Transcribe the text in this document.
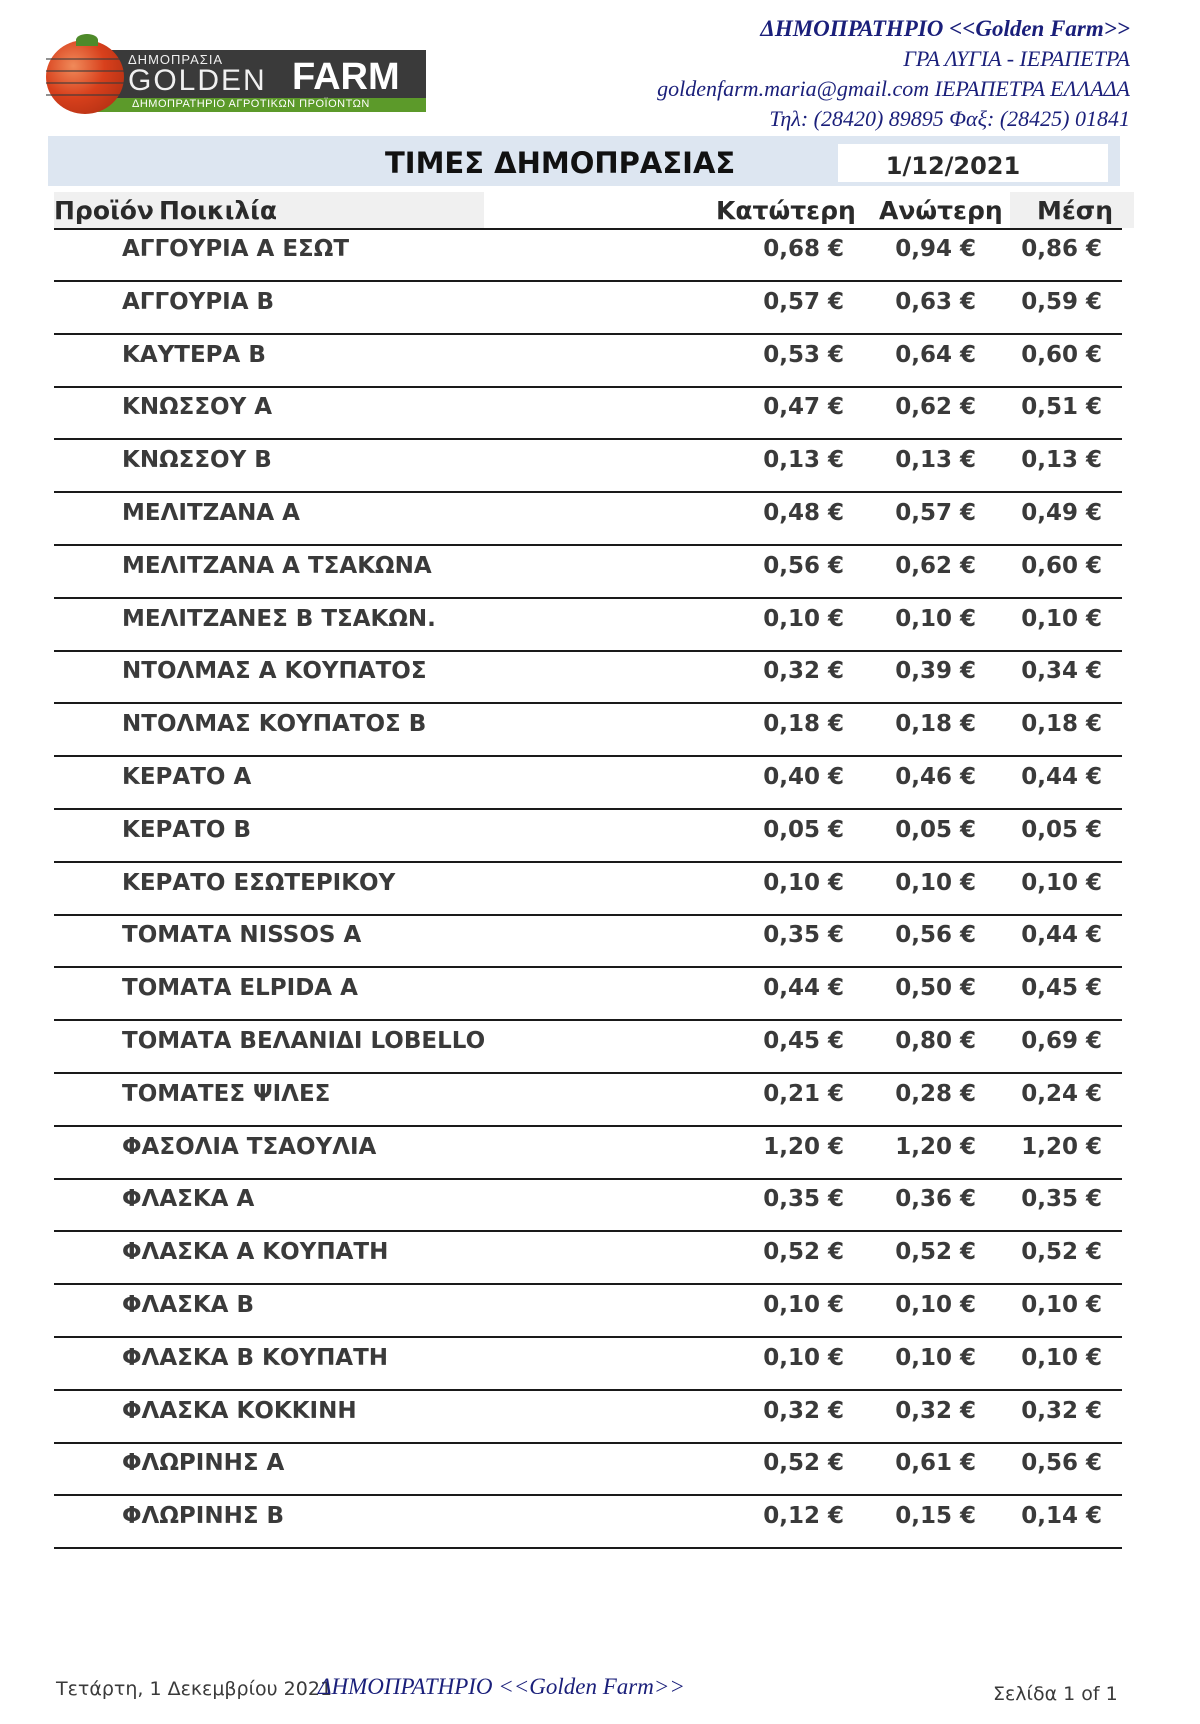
ΔΗΜΟΠΡΑΣΙΑ
GOLDEN FARM
ΔΗΜΟΠΡΑΤΗΡΙΟ ΑΓΡΟΤΙΚΩΝ ΠΡΟΪΟΝΤΩΝ
ΔΗΜΟΠΡΑΤΗΡΙΟ <<Golden Farm>>
ΓΡΑ ΛΥΓΙΑ - ΙΕΡΑΠΕΤΡΑ
goldenfarm.maria@gmail.com ΙΕΡΑΠΕΤΡΑ ΕΛΛΑΔΑ
Τηλ: (28420) 89895 Φαξ: (28425) 01841
ΤΙΜΕΣ ΔΗΜΟΠΡΑΣΙΑΣ	1/12/2021
Προϊόν Ποικιλία	Κατώτερη Ανώτερη Μέση
ΑΓΓΟΥΡΙΑ Α ΕΣΩΤ	0,68 € 0,94 € 0,86 €
ΑΓΓΟΥΡΙΑ Β	0,57 € 0,63 € 0,59 €
ΚΑΥΤΕΡΑ Β	0,53 € 0,64 € 0,60 €
ΚΝΩΣΣΟΥ Α	0,47 € 0,62 € 0,51 €
ΚΝΩΣΣΟΥ Β	0,13 € 0,13 € 0,13 €
ΜΕΛΙΤΖΑΝΑ Α	0,48 € 0,57 € 0,49 €
ΜΕΛΙΤΖΑΝΑ Α ΤΣΑΚΩΝΑ	0,56 € 0,62 € 0,60 €
ΜΕΛΙΤΖΑΝΕΣ Β ΤΣΑΚΩΝ.	0,10 € 0,10 € 0,10 €
ΝΤΟΛΜΑΣ Α ΚΟΥΠΑΤΟΣ	0,32 € 0,39 € 0,34 €
ΝΤΟΛΜΑΣ ΚΟΥΠΑΤΟΣ Β	0,18 € 0,18 € 0,18 €
ΚΕΡΑΤΟ Α	0,40 € 0,46 € 0,44 €
ΚΕΡΑΤΟ Β	0,05 € 0,05 € 0,05 €
ΚΕΡΑΤΟ ΕΣΩΤΕΡΙΚΟΥ	0,10 € 0,10 € 0,10 €
ΤΟΜΑΤΑ NISSOS Α	0,35 € 0,56 € 0,44 €
ΤΟΜΑΤΑ ELPIDA Α	0,44 € 0,50 € 0,45 €
ΤΟΜΑΤΑ ΒΕΛΑΝΙΔΙ LOBELLO	0,45 € 0,80 € 0,69 €
ΤΟΜΑΤΕΣ ΨΙΛΕΣ	0,21 € 0,28 € 0,24 €
ΦΑΣΟΛΙΑ ΤΣΑΟΥΛΙΑ	1,20 € 1,20 € 1,20 €
ΦΛΑΣΚΑ Α	0,35 € 0,36 € 0,35 €
ΦΛΑΣΚΑ Α ΚΟΥΠΑΤΗ	0,52 € 0,52 € 0,52 €
ΦΛΑΣΚΑ Β	0,10 € 0,10 € 0,10 €
ΦΛΑΣΚΑ Β ΚΟΥΠΑΤΗ	0,10 € 0,10 € 0,10 €
ΦΛΑΣΚΑ ΚΟΚΚΙΝΗ	0,32 € 0,32 € 0,32 €
ΦΛΩΡΙΝΗΣ Α	0,52 € 0,61 € 0,56 €
ΦΛΩΡΙΝΗΣ Β	0,12 € 0,15 € 0,14 €
Τετάρτη, 1 Δεκεμβρίου 2021
ΔΗΜΟΠΡΑΤΗΡΙΟ <<Golden Farm>>	Σελίδα 1 of 1
